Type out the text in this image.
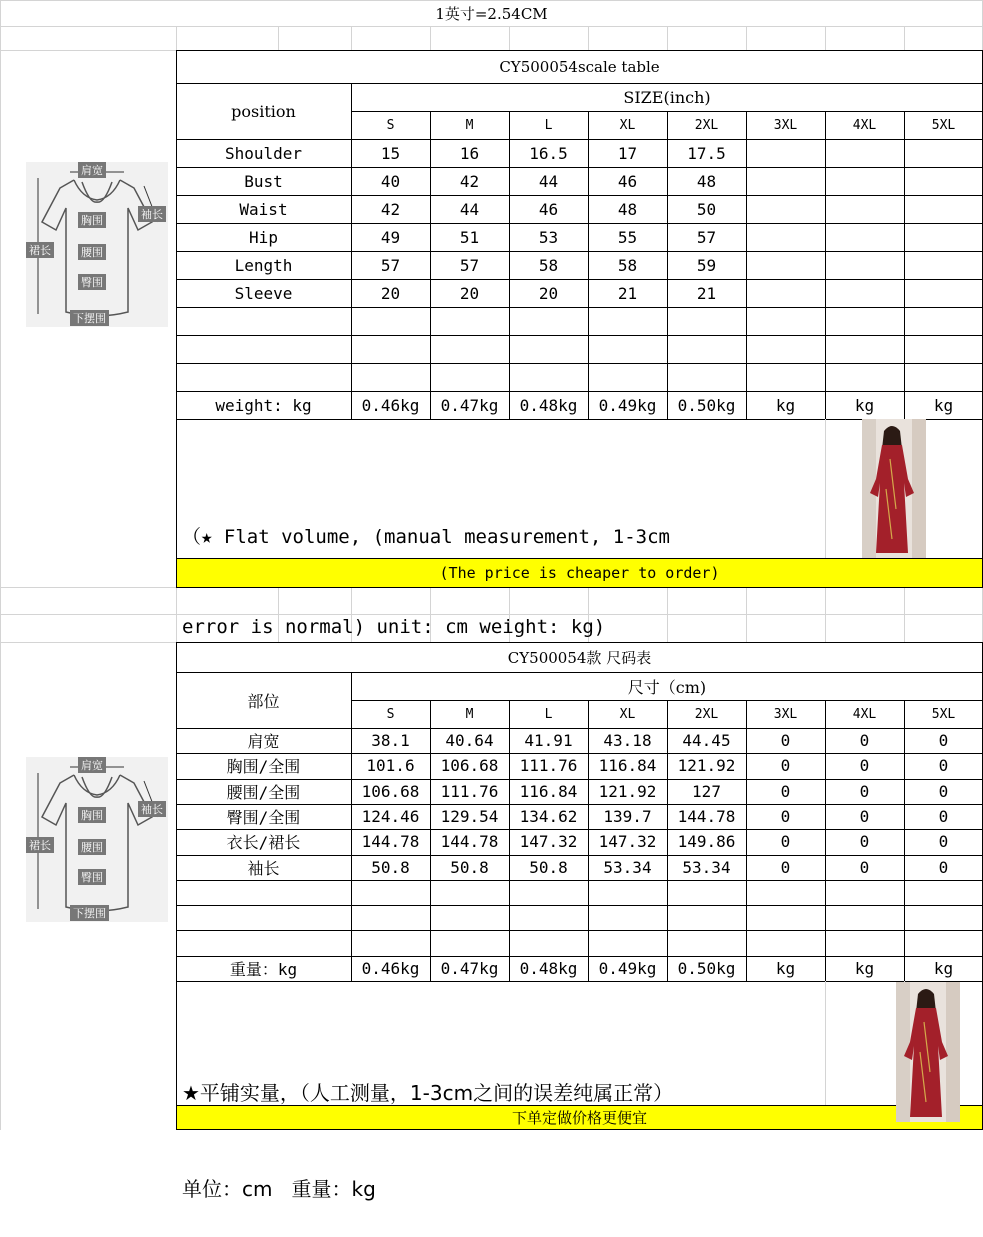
1英寸=2.54CM
肩宽
胸围
腰围
臀围
下摆围
袖长
裙长
肩宽
胸围
腰围
臀围
下摆围
袖长
裙长
CY500054scale table
position
SIZE(inch)
S	M	L	XL	2XL	3XL	4XL	5XL
Shoulder	15	16	16.5	17	17.5
Bust	40	42	44	46	48
Waist	42	44	46	48	50
Hip	49	51	53	55	57
Length	57	57	58	58	59
Sleeve	20	20	20	21	21
weight: kg	0.46kg	0.47kg	0.48kg	0.49kg	0.50kg	kg	kg	kg
(The price is cheaper to order)
CY500054款 尺码表
部位
尺寸（cm)
S	M	L	XL	2XL	3XL	4XL	5XL
肩宽	38.1	40.64	41.91	43.18	44.45	0	0	0
胸围/全围	101.6	106.68	111.76	116.84	121.92	0	0	0
腰围/全围	106.68	111.76	116.84	121.92	127	0	0	0
臀围/全围	124.46	129.54	134.62	139.7	144.78	0	0	0
衣长/裙长	144.78	144.78	147.32	147.32	149.86	0	0	0
袖长	50.8	50.8	50.8	53.34	53.34	0	0	0
重量：kg	0.46kg	0.47kg	0.48kg	0.49kg	0.50kg	kg	kg	kg
下单定做价格更便宜

（★ Flat volume, (manual measurement, 1-3cm

error is normal) unit: cm weight: kg)

★平铺实量，（人工测量，1-3cm之间的误差纯属正常）

单位：cm   重量：kg
